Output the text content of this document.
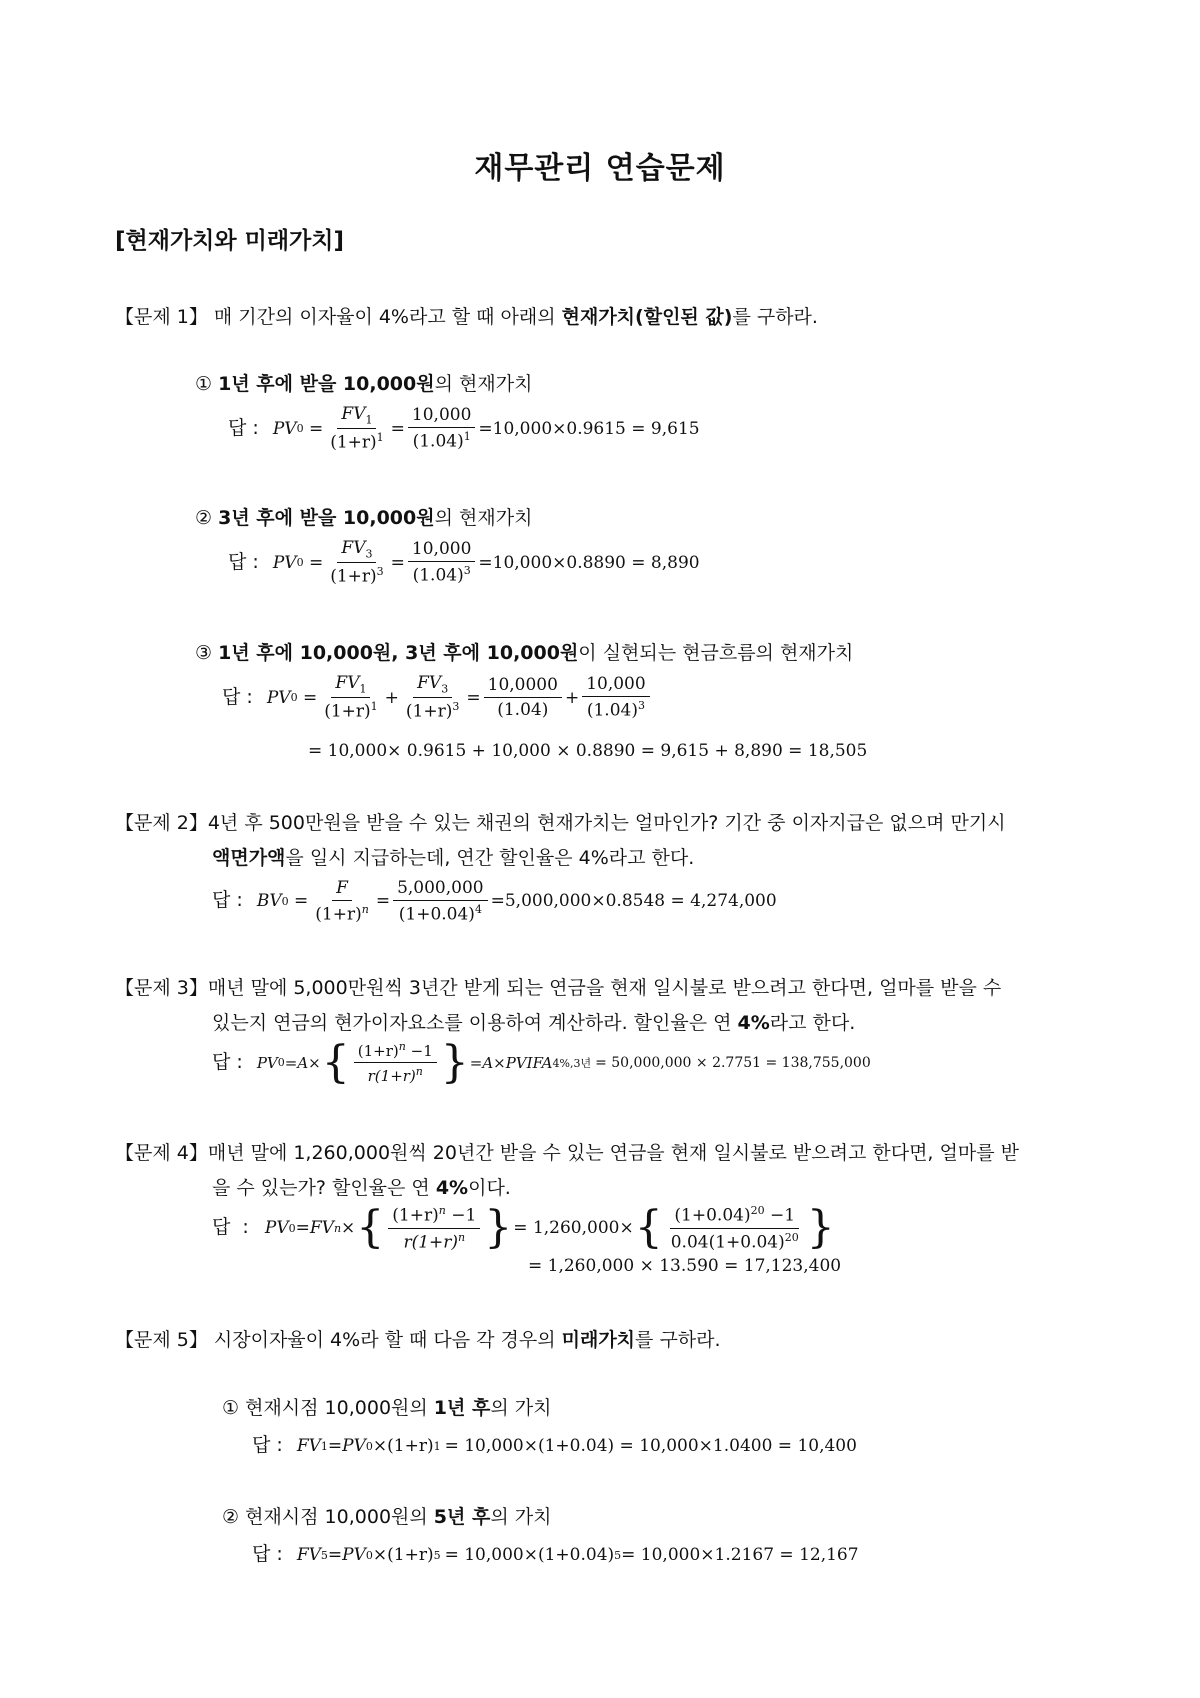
재무관리 연습문제
[현재가치와 미래가치]
【문제 1】 매 기간의 이자율이 4%라고 할 때 아래의 현재가치(할인된 값)를 구하라.
① 1년 후에 받을 10,000원의 현재가치
답 : PV $0 = \frac{FV_1}{(1+r)^1} = \frac{10,000}{(1.04)^1} =10,000\times 0.9615 = 9,615$
② 3년 후에 받을 10,000원의 현재가치
답 : PV $0 = \frac{FV_3}{(1+r)^3} = \frac{10,000}{(1.04)^3} =10,000\times 0.8890 = 8,890$
③ 1년 후에 10,000원, 3년 후에 10,000원이 실현되는 현금흐름의 현재가치
답 : PV $0 = \frac{FV_1}{(1+r)^1} + \frac{FV_3}{(1+r)^3} = \frac{10,0000}{(1.04)} + \frac{10,000}{(1.04)^3}$
= 10,000× 0.9615 + 10,000 × 0.8890 = 9,615 + 8,890 = 18,505
【문제 2】4년 후 500만원을 받을 수 있는 채권의 현재가치는 얼마인가? 기간 중 이자지급은 없으며 만기시
액면가액을 일시 지급하는데, 연간 할인율은 4%라고 한다.
답 : BV $0 = \frac{F}{(1+r)^n} = \frac{5,000,000}{(1+0.04)^4} =5,000,000\times 0.8548 = 4,274,000$
【문제 3】매년 말에 5,000만원씩 3년간 받게 되는 연금을 현재 일시불로 받으려고 한다면, 얼마를 받을 수
있는지 연금의 현가이자요소를 이용하여 계산하라. 할인율은 연 4%라고 한다.
답 : PV 0 =A× { $\frac{(1+r)^n -1}{r(1+r)^n}$ } =A×PVIFA 4%,3년 = 50,000,000 × 2.7751 = 138,755,000
【문제 4】매년 말에 1,260,000원씩 20년간 받을 수 있는 연금을 현재 일시불로 받으려고 한다면, 얼마를 받
을 수 있는가? 할인율은 연 4%이다.
답  : PV 0 =FV n × { $\frac{(1+r)^n -1}{r(1+r)^n}$ } = 1,260,000× { $\frac{(1+0.04)^{20} -1}{0.04(1+0.04)^{20}}$ }
= 1,260,000 × 13.590 = 17,123,400
【문제 5】 시장이자율이 4%라 할 때 다음 각 경우의 미래가치를 구하라.
① 현재시점 10,000원의 1년 후의 가치
답 : FV 1 =PV 0 ×(1+r) 1 = 10,000×(1+0.04) = 10,000×1.0400 = 10,400
② 현재시점 10,000원의 5년 후의 가치
답 : FV 5 =PV 0 ×(1+r) 5 = 10,000×(1+0.04) 5 = 10,000×1.2167 = 12,167
